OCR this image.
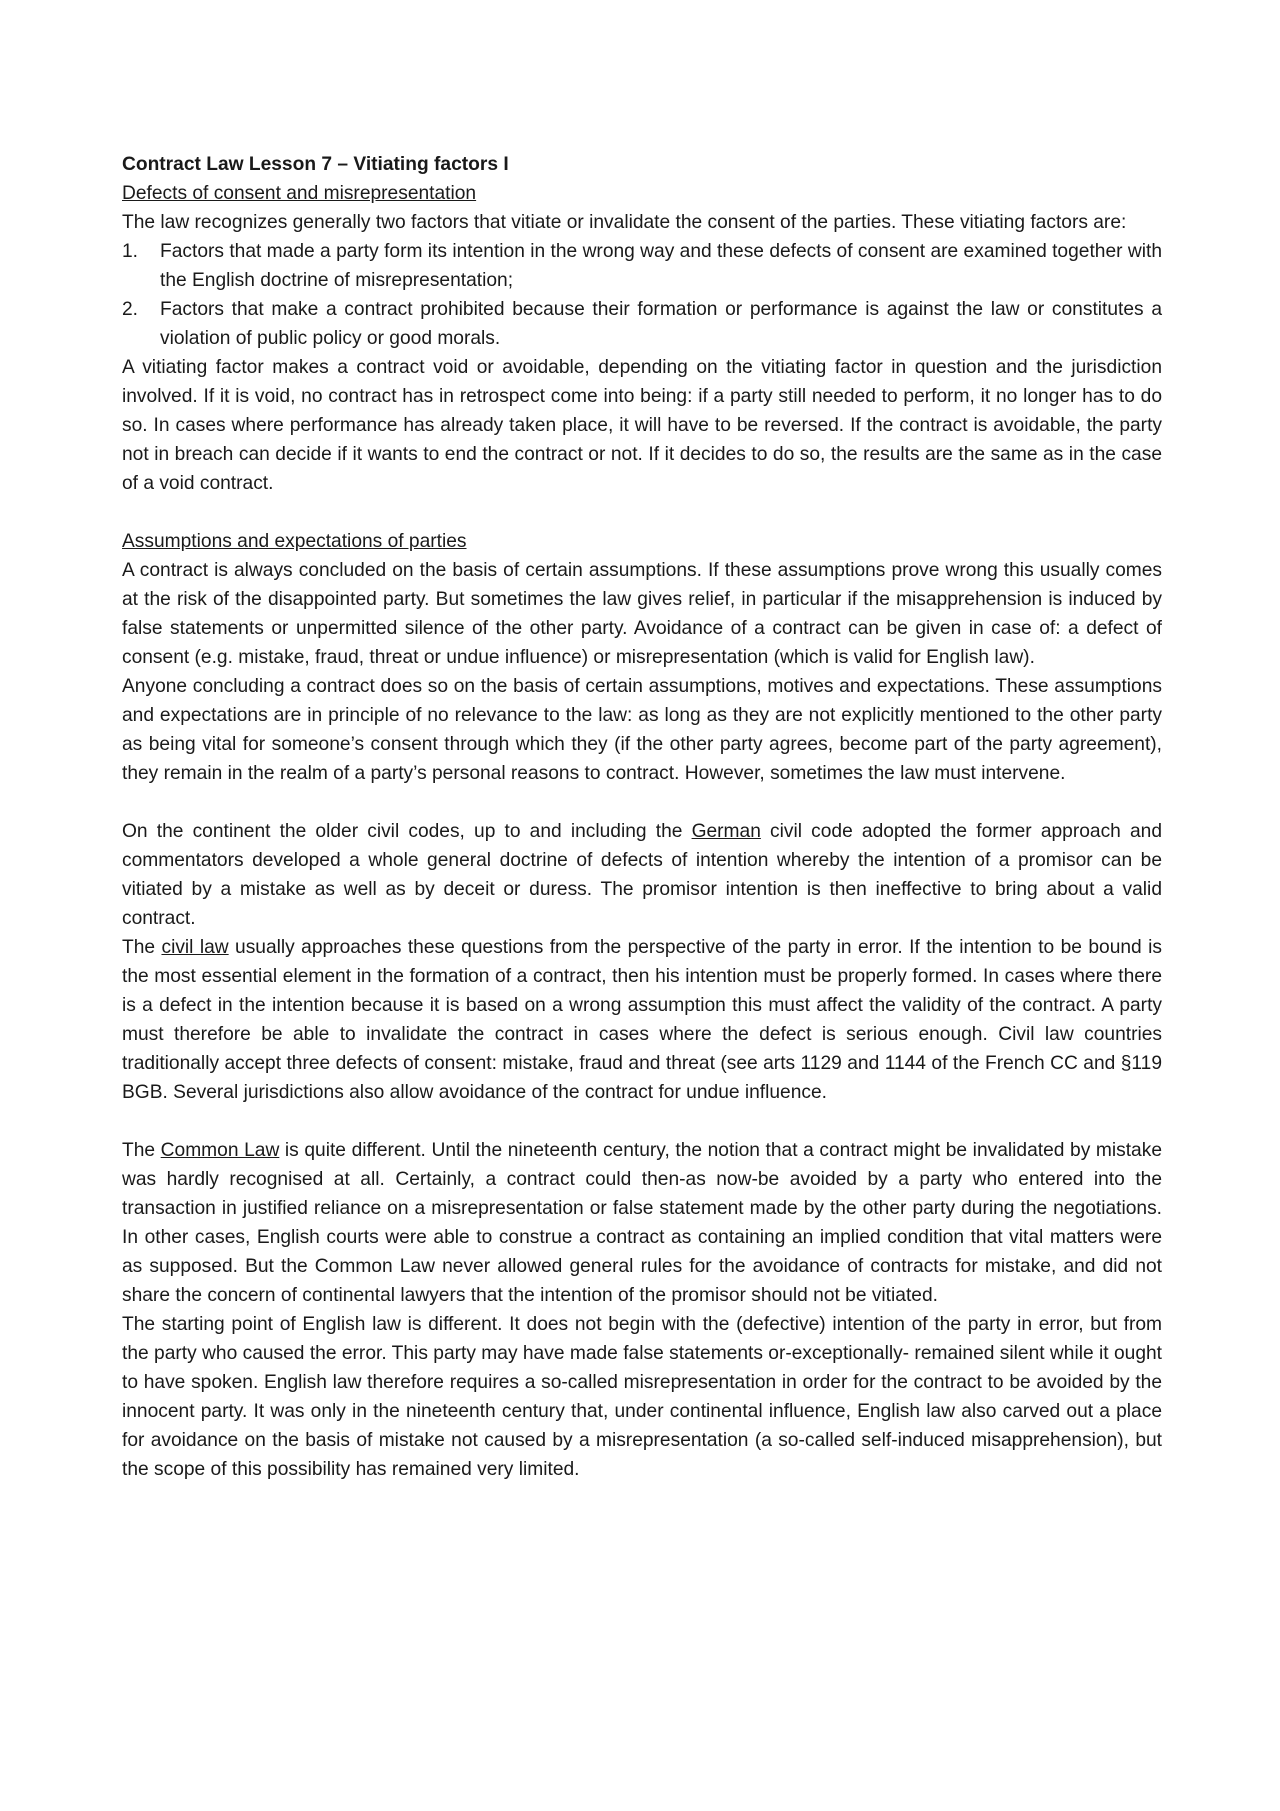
Contract Law Lesson 7 – Vitiating factors I

Defects of consent and misrepresentation

The law recognizes generally two factors that vitiate or invalidate the consent of the parties. These vitiating factors are:

1. Factors that made a party form its intention in the wrong way and these defects of consent are examined together with the English doctrine of misrepresentation;
2. Factors that make a contract prohibited because their formation or performance is against the law or constitutes a violation of public policy or good morals.

A vitiating factor makes a contract void or avoidable, depending on the vitiating factor in question and the jurisdiction involved. If it is void, no contract has in retrospect come into being: if a party still needed to perform, it no longer has to do so. In cases where performance has already taken place, it will have to be reversed. If the contract is avoidable, the party not in breach can decide if it wants to end the contract or not. If it decides to do so, the results are the same as in the case of a void contract.

Assumptions and expectations of parties

A contract is always concluded on the basis of certain assumptions. If these assumptions prove wrong this usually comes at the risk of the disappointed party. But sometimes the law gives relief, in particular if the misapprehension is induced by false statements or unpermitted silence of the other party. Avoidance of a contract can be given in case of: a defect of consent (e.g. mistake, fraud, threat or undue influence) or misrepresentation (which is valid for English law).

Anyone concluding a contract does so on the basis of certain assumptions, motives and expectations. These assumptions and expectations are in principle of no relevance to the law: as long as they are not explicitly mentioned to the other party as being vital for someone’s consent through which they (if the other party agrees, become part of the party agreement), they remain in the realm of a party’s personal reasons to contract. However, sometimes the law must intervene.

On the continent the older civil codes, up to and including the German civil code adopted the former approach and commentators developed a whole general doctrine of defects of intention whereby the intention of a promisor can be vitiated by a mistake as well as by deceit or duress. The promisor intention is then ineffective to bring about a valid contract.

The civil law usually approaches these questions from the perspective of the party in error. If the intention to be bound is the most essential element in the formation of a contract, then his intention must be properly formed. In cases where there is a defect in the intention because it is based on a wrong assumption this must affect the validity of the contract. A party must therefore be able to invalidate the contract in cases where the defect is serious enough. Civil law countries traditionally accept three defects of consent: mistake, fraud and threat (see arts 1129 and 1144 of the French CC and §119 BGB. Several jurisdictions also allow avoidance of the contract for undue influence.

The Common Law is quite different. Until the nineteenth century, the notion that a contract might be invalidated by mistake was hardly recognised at all. Certainly, a contract could then-as now-be avoided by a party who entered into the transaction in justified reliance on a misrepresentation or false statement made by the other party during the negotiations. In other cases, English courts were able to construe a contract as containing an implied condition that vital matters were as supposed. But the Common Law never allowed general rules for the avoidance of contracts for mistake, and did not share the concern of continental lawyers that the intention of the promisor should not be vitiated.

The starting point of English law is different. It does not begin with the (defective) intention of the party in error, but from the party who caused the error. This party may have made false statements or-exceptionally- remained silent while it ought to have spoken. English law therefore requires a so-called misrepresentation in order for the contract to be avoided by the innocent party. It was only in the nineteenth century that, under continental influence, English law also carved out a place for avoidance on the basis of mistake not caused by a misrepresentation (a so-called self-induced misapprehension), but the scope of this possibility has remained very limited.
